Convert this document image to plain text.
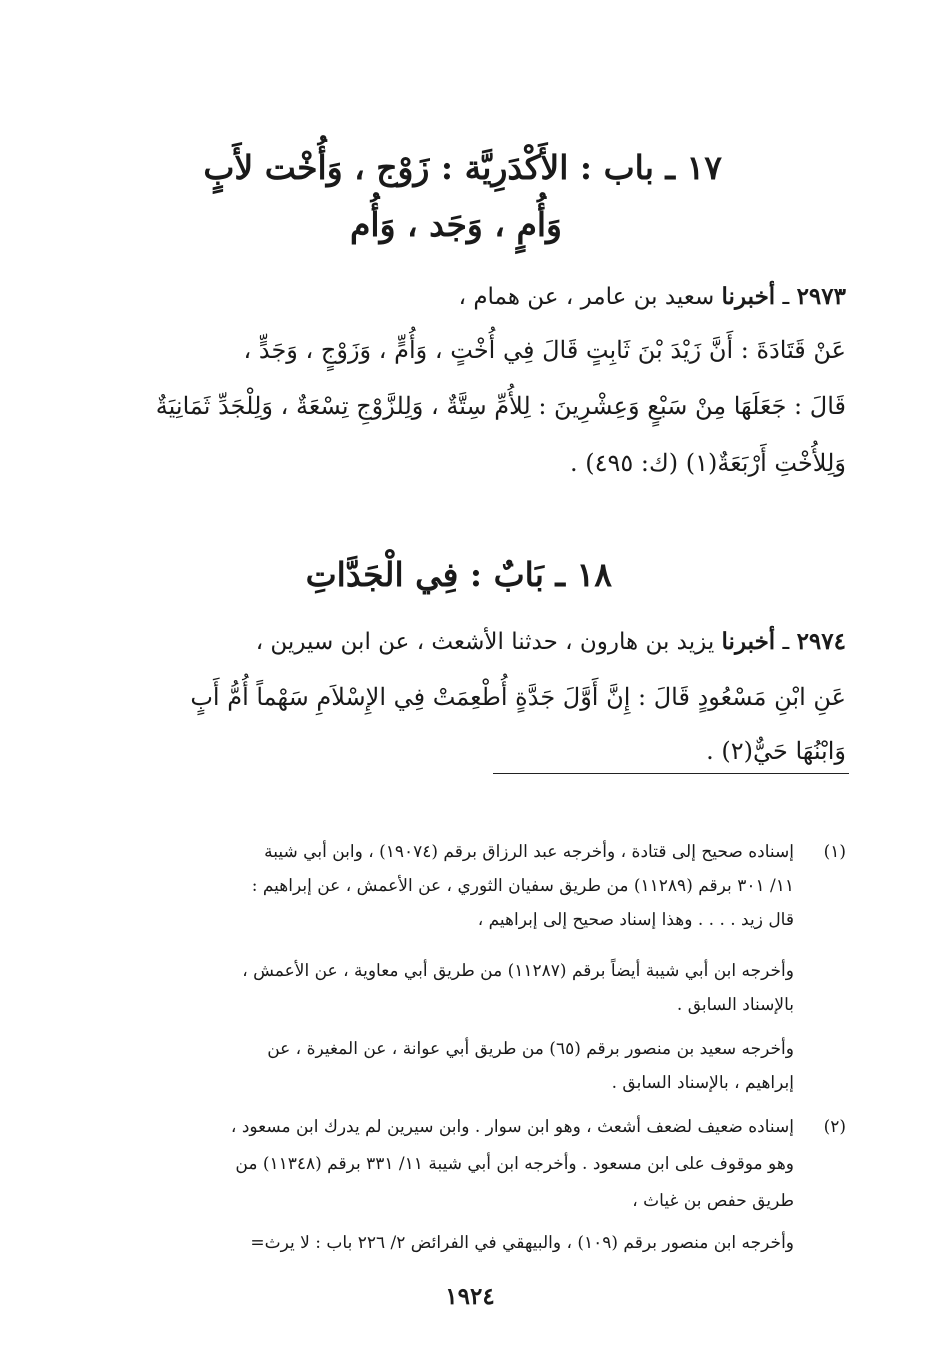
١٧ ـ باب : الأَكْدَرِيَّة : زَوْج ، وَأُخْت لأَبٍ
وَأُمٍ ، وَجَد ، وَأُم
٢٩٧٣ ـ أخبرنا سعيد بن عامر ، عن همام ،
عَنْ قَتَادَةَ : أَنَّ زَيْدَ بْنَ ثَابِتٍ قَالَ فِي أُخْتٍ ، وَأُمٍّ ، وَزَوْجٍ ، وَجَدٍّ ،
قَالَ : جَعَلَهَا مِنْ سَبْعٍ وَعِشْرِينَ : لِلأُمِّ سِتَّةٌ ، وَلِلزَّوْجِ تِسْعَةٌ ، وَلِلْجَدِّ ثَمَانِيَةٌ
وَلِلأُخْتِ أَرْبَعَةٌ(١) (ك: ٤٩٥) .
١٨ ـ بَابٌ : فِي الْجَدَّاتِ
٢٩٧٤ ـ أخبرنا يزيد بن هارون ، حدثنا الأشعث ، عن ابن سيرين ،
عَنِ ابْنِ مَسْعُودٍ قَالَ : إِنَّ أَوَّلَ جَدَّةٍ أُطْعِمَتْ فِي الإِسْلاَمِ سَهْماً أُمُّ أَبٍ
وَابْنُهَا حَيٌّ(٢) .
(١)
إسناده صحيح إلى قتادة ، وأخرجه عبد الرزاق برقم (١٩٠٧٤) ، وابن أبي شيبة
١١/ ٣٠١ برقم (١١٢٨٩) من طريق سفيان الثوري ، عن الأعمش ، عن إبراهيم :
قال زيد . . . . وهذا إسناد صحيح إلى إبراهيم ،
وأخرجه ابن أبي شيبة أيضاً برقم (١١٢٨٧) من طريق أبي معاوية ، عن الأعمش ،
بالإسناد السابق .
وأخرجه سعيد بن منصور برقم (٦٥) من طريق أبي عوانة ، عن المغيرة ، عن
إبراهيم ، بالإسناد السابق .
(٢)
إسناده ضعيف لضعف أشعث ، وهو ابن سوار . وابن سيرين لم يدرك ابن مسعود ،
وهو موقوف على ابن مسعود . وأخرجه ابن أبي شيبة ١١/ ٣٣١ برقم (١١٣٤٨) من
طريق حفص بن غياث ،
وأخرجه ابن منصور برقم (١٠٩) ، والبيهقي في الفرائض ٢/ ٢٢٦ باب : لا يرث=
١٩٢٤
